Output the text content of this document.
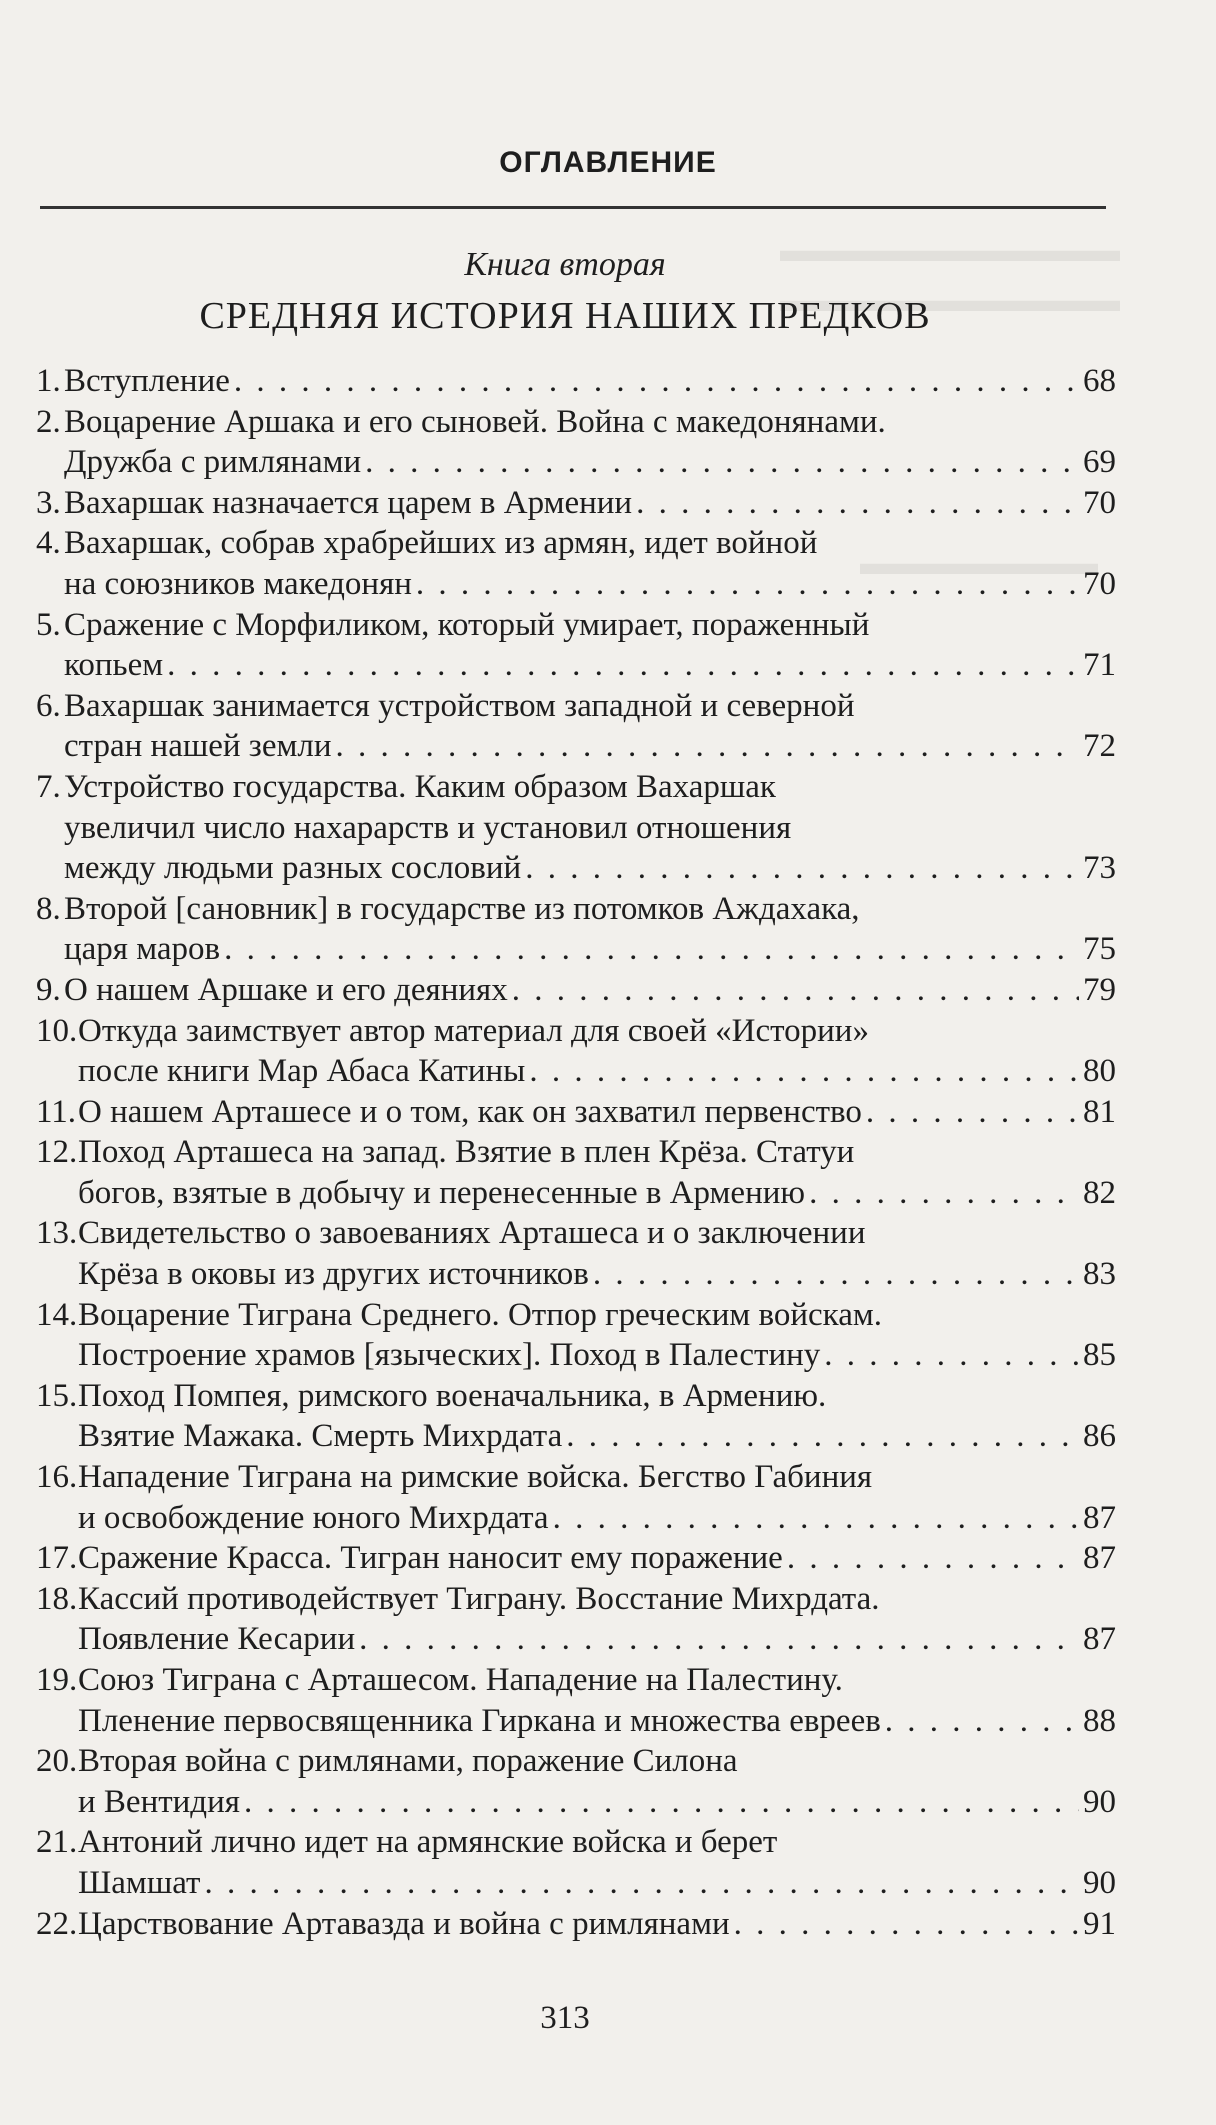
▬▬▬▬▬▬▬▬▬▬
▬▬▬▬▬▬▬▬▬▬
▬▬▬▬▬▬▬
ОГЛАВЛЕНИЕ
Книга вторая
СРЕДНЯЯ ИСТОРИЯ НАШИХ ПРЕДКОВ
1. Вступление . . .	68
2. Воцарение Аршака и его сыновей. Война с македонянами.
Дружба с римлянами . . .	69
3. Вахаршак назначается царем в Армении . . .	70
4. Вахаршак, собрав храбрейших из армян, идет войной
на союзников македонян . . .	70
5. Сражение с Морфиликом, который умирает, пораженный
копьем . . .	71
6. Вахаршак занимается устройством западной и северной
стран нашей земли . . .	72
7. Устройство государства. Каким образом Вахаршак
увеличил число нахарарств и установил отношения
между людьми разных сословий . . .	73
8. Второй [сановник] в государстве из потомков Аждахака,
царя маров . . .	75
9. О нашем Аршаке и его деяниях . . .	79
10. Откуда заимствует автор материал для своей «Истории»
после книги Мар Абаса Катины . . .	80
11. О нашем Арташесе и о том, как он захватил первенство . . .	81
12. Поход Арташеса на запад. Взятие в плен Крёза. Статуи
богов, взятые в добычу и перенесенные в Армению . . .	82
13. Свидетельство о завоеваниях Арташеса и о заключении
Крёза в оковы из других источников . . .	83
14. Воцарение Тиграна Среднего. Отпор греческим войскам.
Построение храмов [языческих]. Поход в Палестину . . .	85
15. Поход Помпея, римского военачальника, в Армению.
Взятие Мажака. Смерть Михрдата . . .	86
16. Нападение Тиграна на римские войска. Бегство Габиния
и освобождение юного Михрдата . . .	87
17. Сражение Красса. Тигран наносит ему поражение . . .	87
18. Кассий противодействует Тиграну. Восстание Михрдата.
Появление Кесарии . . .	87
19. Союз Тиграна с Арташесом. Нападение на Палестину.
Пленение первосвященника Гиркана и множества евреев . . .	88
20. Вторая война с римлянами, поражение Силона
и Вентидия . . .	90
21. Антоний лично идет на армянские войска и берет
Шамшат . . .	90
22. Царствование Артавазда и война с римлянами . . .	91
313
